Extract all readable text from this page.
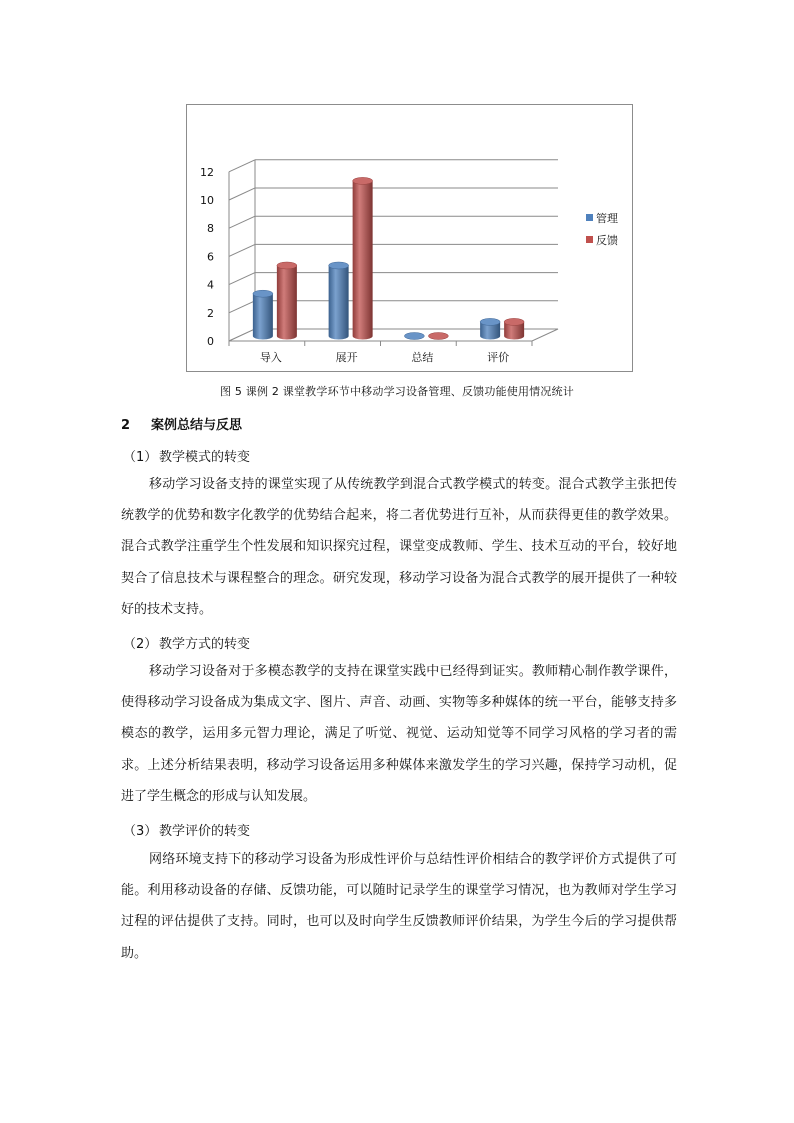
0
2
4
6
8
10
12
导入	展开	总结	评价
管理
反馈
图 5 课例 2 课堂教学环节中移动学习设备管理、反馈功能使用情况统计
2 案例总结与反思
（1） 教学模式的转变

移动学习设备支持的课堂实现了从传统教学到混合式教学模式的转变。混合式教学主张把传统教学的优势和数字化教学的优势结合起来，将二者优势进行互补，从而获得更佳的教学效果。混合式教学注重学生个性发展和知识探究过程，课堂变成教师、学生、技术互动的平台，较好地契合了信息技术与课程整合的理念。研究发现，移动学习设备为混合式教学的展开提供了一种较好的技术支持。

（2） 教学方式的转变

移动学习设备对于多模态教学的支持在课堂实践中已经得到证实。教师精心制作教学课件，使得移动学习设备成为集成文字、图片、声音、动画、实物等多种媒体的统一平台，能够支持多模态的教学，运用多元智力理论，满足了听觉、视觉、运动知觉等不同学习风格的学习者的需求。上述分析结果表明，移动学习设备运用多种媒体来激发学生的学习兴趣，保持学习动机，促进了学生概念的形成与认知发展。

（3） 教学评价的转变

网络环境支持下的移动学习设备为形成性评价与总结性评价相结合的教学评价方式提供了可能。利用移动设备的存储、反馈功能，可以随时记录学生的课堂学习情况，也为教师对学生学习过程的评估提供了支持。同时，也可以及时向学生反馈教师评价结果，为学生今后的学习提供帮助。
